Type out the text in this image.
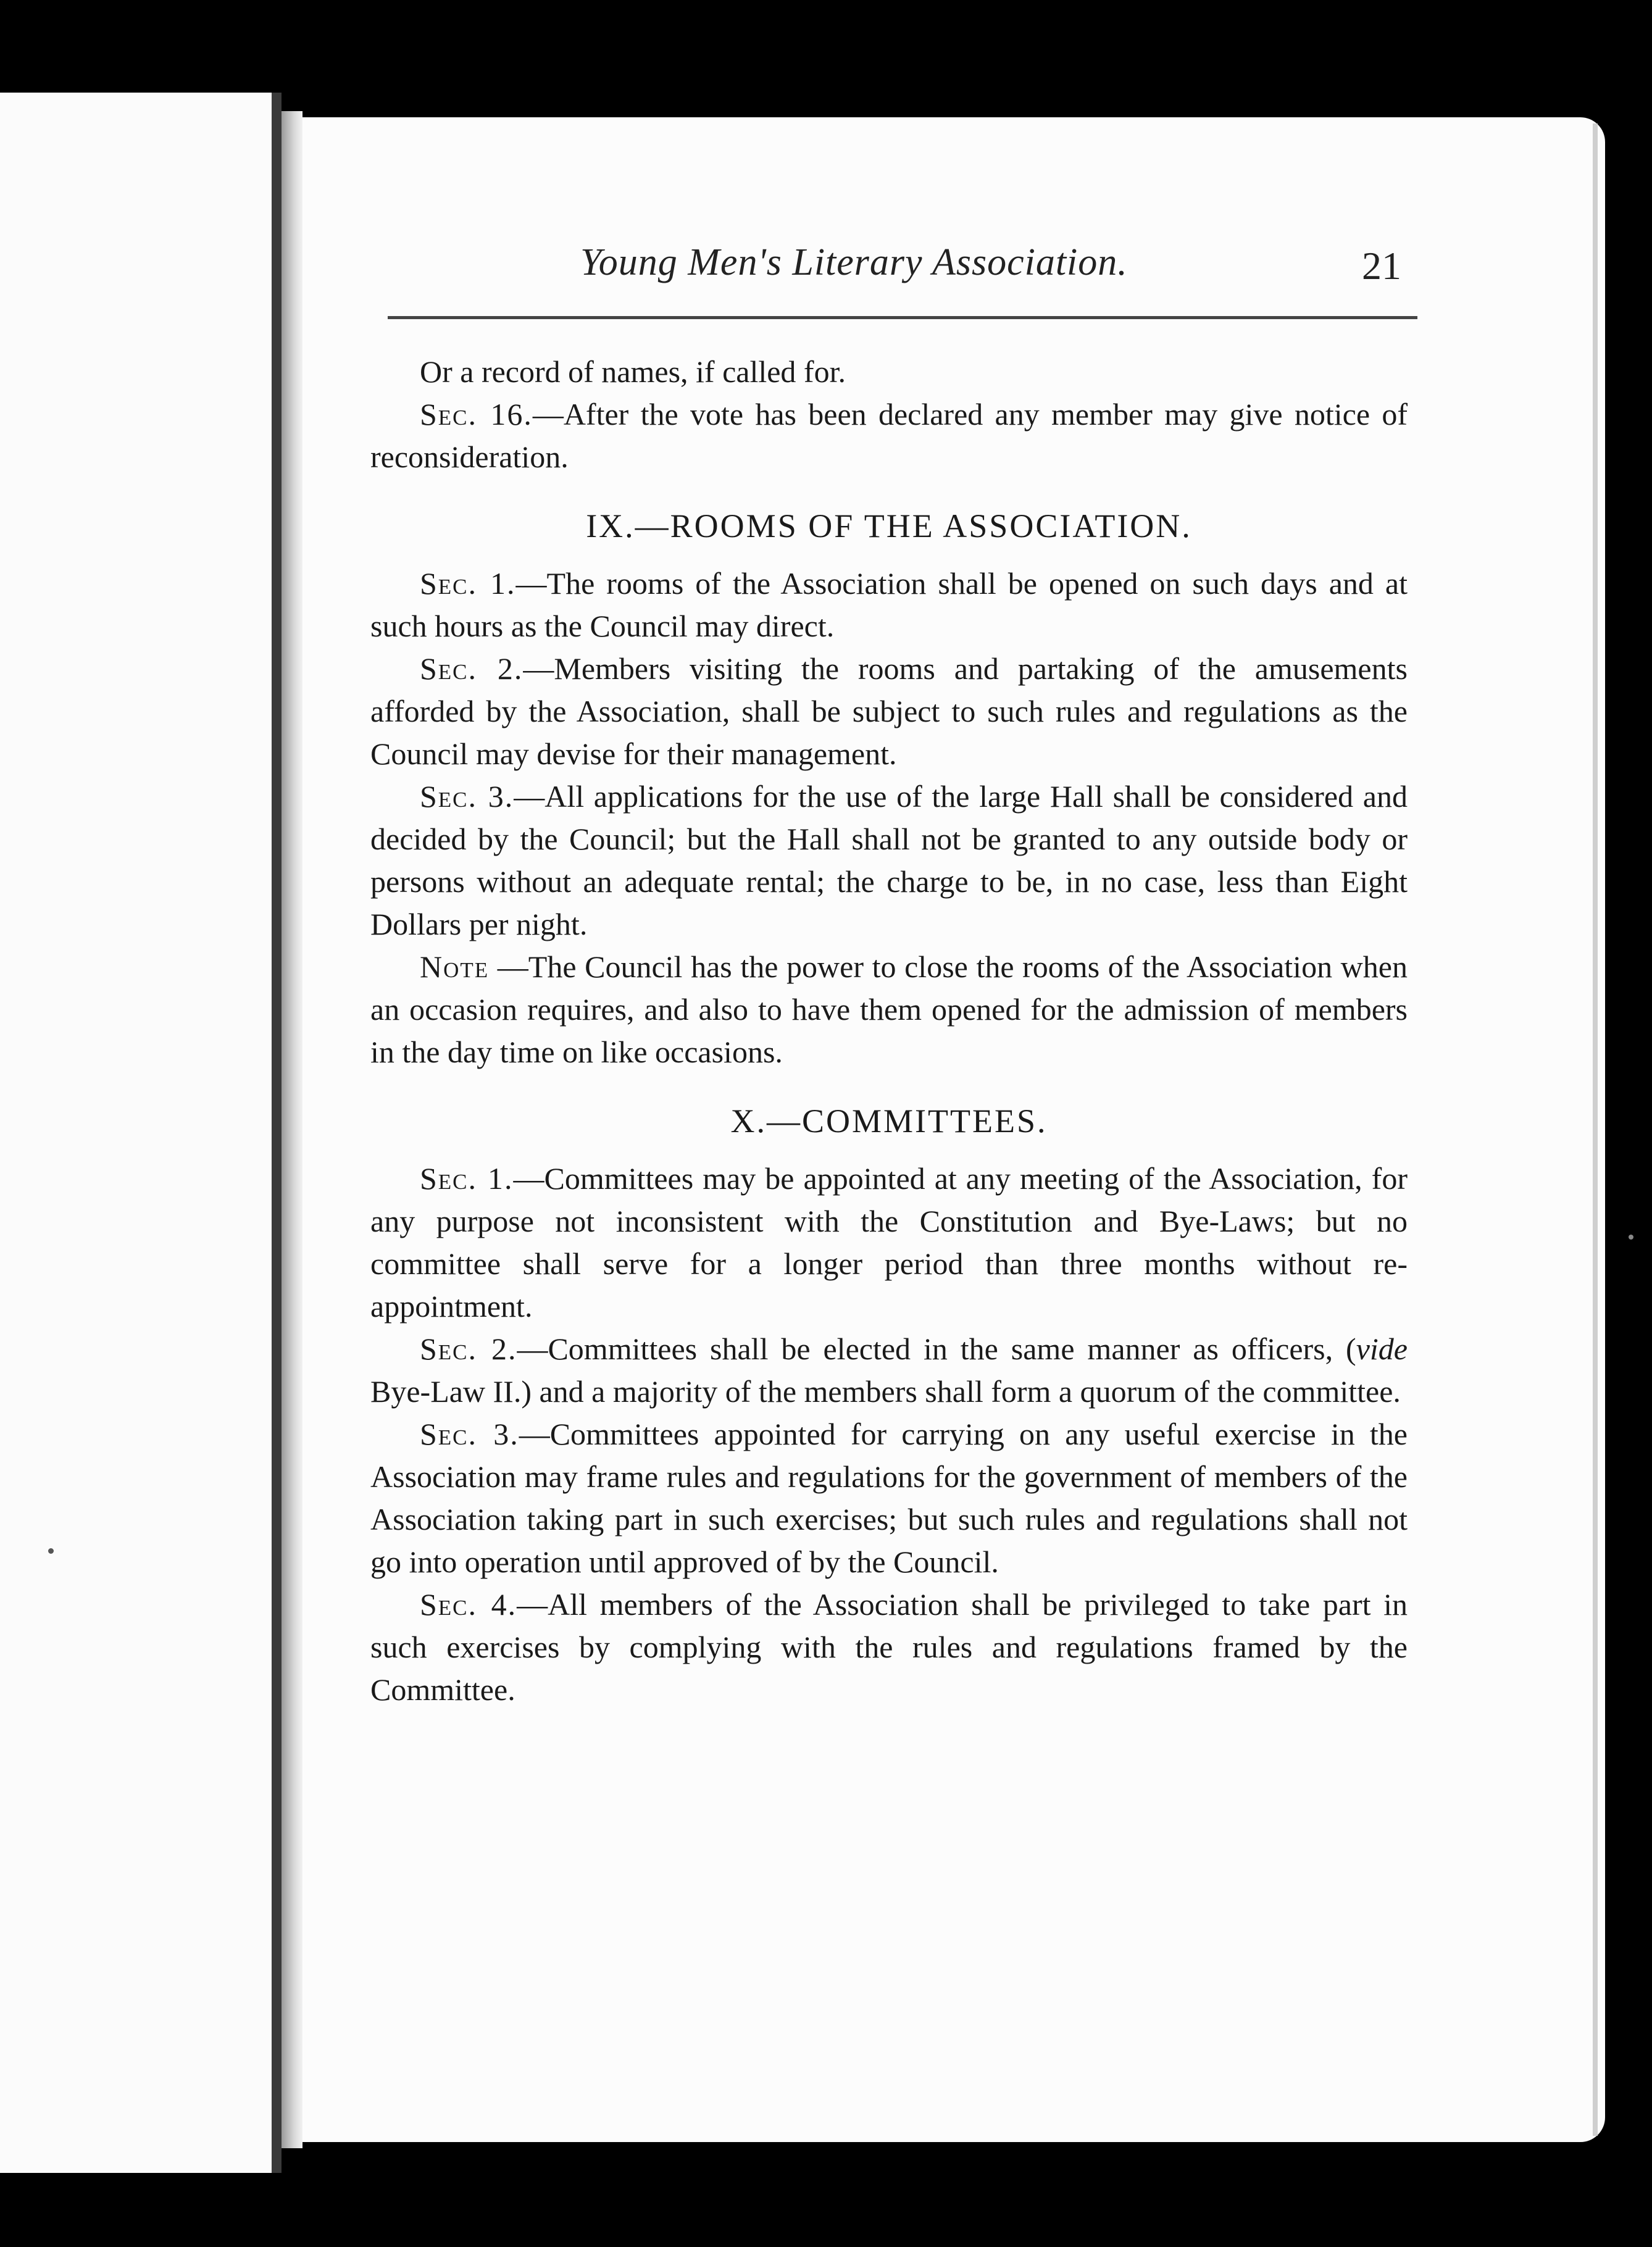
Young Men's Literary Association.	21

Or a record of names, if called for.

Sec. 16.—After the vote has been declared any member may give notice of reconsideration.

IX.—ROOMS OF THE ASSOCIATION.

Sec. 1.—The rooms of the Association shall be opened on such days and at such hours as the Council may direct.

Sec. 2.—Members visiting the rooms and partaking of the amusements afforded by the Association, shall be subject to such rules and regulations as the Council may devise for their management.

Sec. 3.—All applications for the use of the large Hall shall be considered and decided by the Council; but the Hall shall not be granted to any outside body or persons without an adequate rental; the charge to be, in no case, less than Eight Dollars per night.

Note —The Council has the power to close the rooms of the Association when an occasion requires, and also to have them opened for the admission of members in the day time on like occasions.

X.—COMMITTEES.

Sec. 1.—Committees may be appointed at any meeting of the Association, for any purpose not inconsistent with the Constitution and Bye-Laws; but no committee shall serve for a longer period than three months without re-appointment.

Sec. 2.—Committees shall be elected in the same manner as officers, (vide Bye-Law II.) and a majority of the members shall form a quorum of the committee.

Sec. 3.—Committees appointed for carrying on any useful exercise in the Association may frame rules and regulations for the government of members of the Association taking part in such exercises; but such rules and regulations shall not go into operation until approved of by the Council.

Sec. 4.—All members of the Association shall be privileged to take part in such exercises by complying with the rules and regulations framed by the Committee.
